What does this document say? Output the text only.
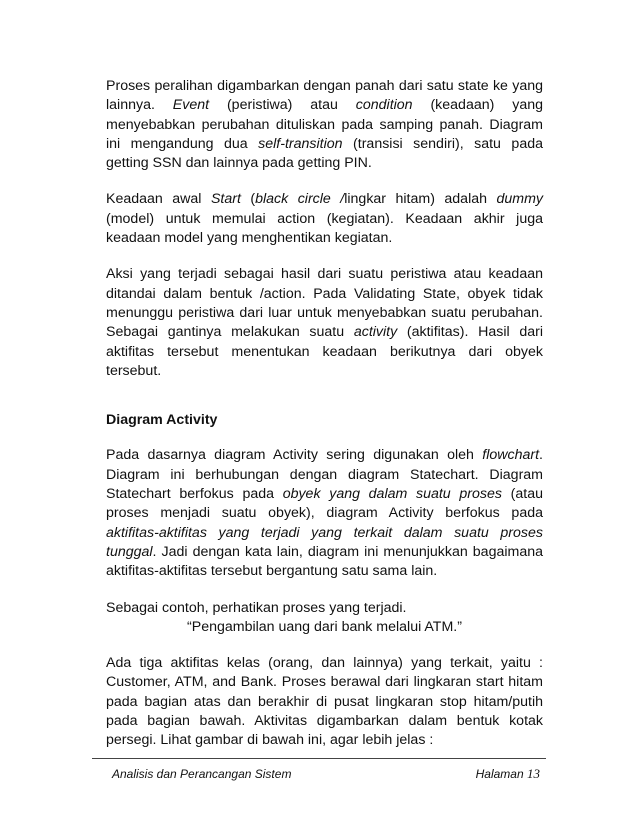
Proses peralihan digambarkan dengan panah dari satu state ke yang lainnya. Event (peristiwa) atau condition (keadaan) yang menyebabkan perubahan dituliskan pada samping panah. Diagram ini mengandung dua self-transition (transisi sendiri), satu pada getting SSN dan lainnya pada getting PIN.

Keadaan awal Start (black circle /lingkar hitam) adalah dummy (model) untuk memulai action (kegiatan). Keadaan akhir juga keadaan model yang menghentikan kegiatan.

Aksi yang terjadi sebagai hasil dari suatu peristiwa atau keadaan ditandai dalam bentuk /action. Pada Validating State, obyek tidak menunggu peristiwa dari luar untuk menyebabkan suatu perubahan. Sebagai gantinya melakukan suatu activity (aktifitas). Hasil dari aktifitas tersebut menentukan keadaan berikutnya dari obyek tersebut.

Diagram Activity

Pada dasarnya diagram Activity sering digunakan oleh flowchart. Diagram ini berhubungan dengan diagram Statechart. Diagram Statechart berfokus pada obyek yang dalam suatu proses (atau proses menjadi suatu obyek), diagram Activity berfokus pada aktifitas-aktifitas yang terjadi yang terkait dalam suatu proses tunggal. Jadi dengan kata lain, diagram ini menunjukkan bagaimana aktifitas-aktifitas tersebut bergantung satu sama lain.

Sebagai contoh, perhatikan proses yang terjadi.

“Pengambilan uang dari bank melalui ATM.”

Ada tiga aktifitas kelas (orang, dan lainnya) yang terkait, yaitu : Customer, ATM, and Bank. Proses berawal dari lingkaran start hitam pada bagian atas dan berakhir di pusat lingkaran stop hitam/putih pada bagian bawah. Aktivitas digambarkan dalam bentuk kotak persegi. Lihat gambar di bawah ini, agar lebih jelas :

Analisis dan Perancangan Sistem	Halaman 13
